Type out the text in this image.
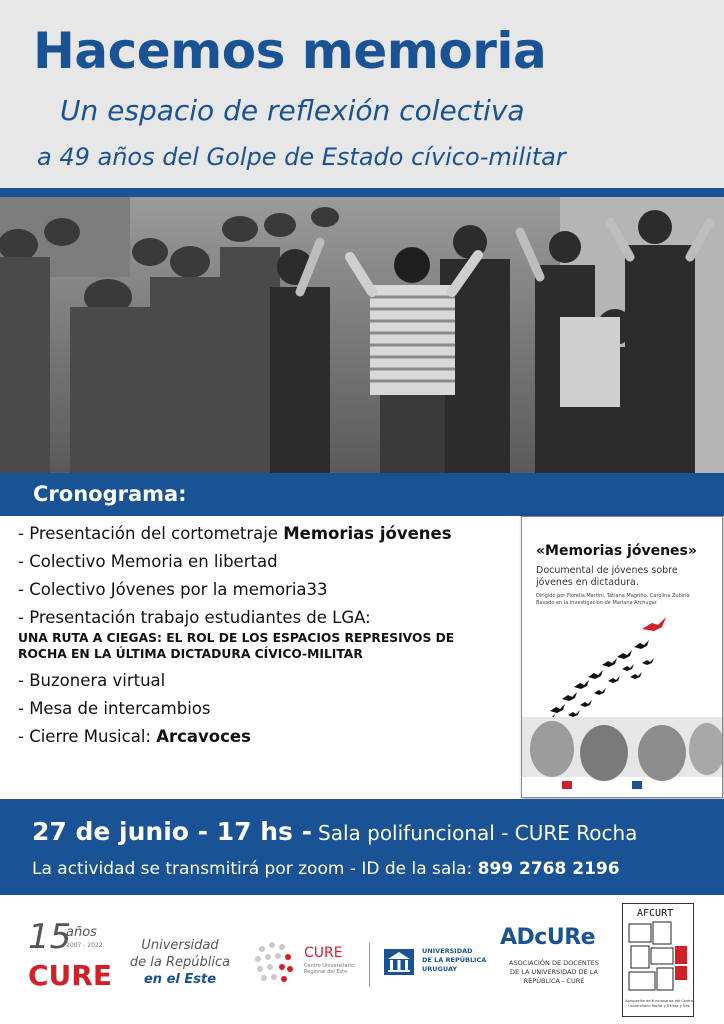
Hacemos memoria
Un espacio de reflexión colectiva
a 49 años del Golpe de Estado cívico-militar
Cronograma:
- Presentación del cortometraje Memorias jóvenes
- Colectivo Memoria en libertad
- Colectivo Jóvenes por la memoria33
- Presentación trabajo estudiantes de LGA:
UNA RUTA A CIEGAS: EL ROL DE LOS ESPACIOS REPRESIVOS DE
ROCHA EN LA ÚLTIMA DICTADURA CÍVICO-MILITAR
- Buzonera virtual
- Mesa de intercambios
- Cierre Musical: Arcavoces
«Memorias jóvenes»
Documental de jóvenes sobre jóvenes en dictadura.
Dirigido por Fiorella Martini, Tatiana Magriño, Carolina Zubiria
Basado en la investigación de Mariana Archugar
27 de junio - 17 hs - Sala polifuncional - CURE Rocha
La actividad se transmitirá por zoom - ID de la sala: 899 2768 2196
15
años
2007 - 2022
CURE
Universidad
de la República
en el Este
CURE
Centro Universitario Regional del Este
UNIVERSIDAD
DE LA REPÚBLICA
URUGUAY
ADcURe
ASOCIACIÓN DE DOCENTES
DE LA UNIVERSIDAD DE LA
REPÚBLICA - CURE
AFCURT
Agrupación de Funcionarios del Centro Universitario Rocha y Treinta y Tres
